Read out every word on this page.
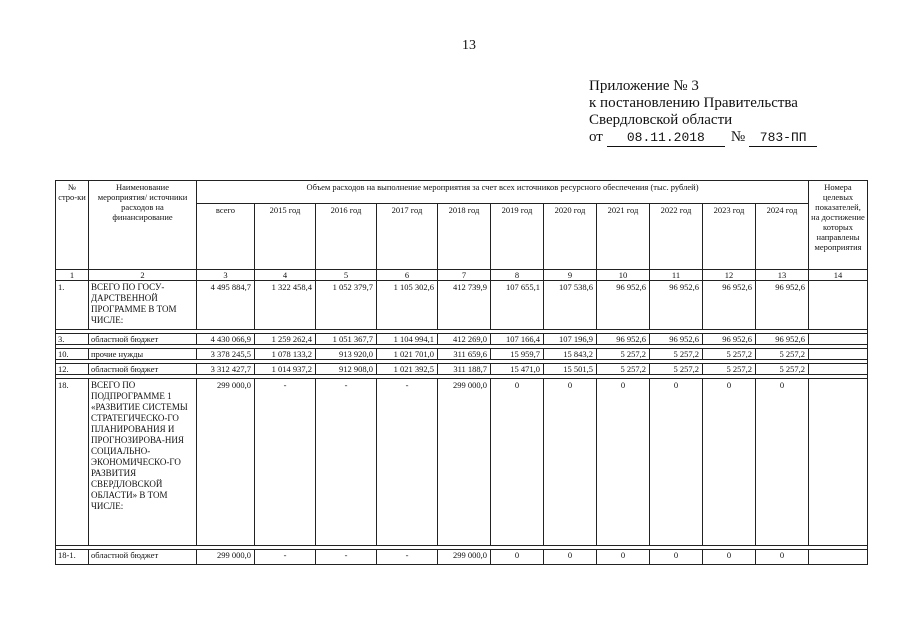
13
Приложение № 3
к постановлению Правительства
Свердловской области
от 08.11.2018 № 783-ПП
№ стро-ки	Наименование мероприятия/ источники расходов на финансирование	Объем расходов на выполнение мероприятия за счет всех источников ресурсного обеспечения (тыс. рублей)											Номера целевых показателей, на достижение которых направлены мероприятия
		всего	2015 год	2016 год	2017 год	2018 год	2019 год	2020 год	2021 год	2022 год	2023 год	2024 год	
1	2	3	4	5	6	7	8	9	10	11	12	13	14
1.	ВСЕГО ПО ГОСУ-ДАРСТВЕННОЙ ПРОГРАММЕ В ТОМ ЧИСЛЕ:	4 495 884,7	1 322 458,4	1 052 379,7	1 105 302,6	412 739,9	107 655,1	107 538,6	96 952,6	96 952,6	96 952,6	96 952,6	

3.	областной бюджет	4 430 066,9	1 259 262,4	1 051 367,7	1 104 994,1	412 269,0	107 166,4	107 196,9	96 952,6	96 952,6	96 952,6	96 952,6	

10.	прочие нужды	3 378 245,5	1 078 133,2	913 920,0	1 021 701,0	311 659,6	15 959,7	15 843,2	5 257,2	5 257,2	5 257,2	5 257,2	

12.	областной бюджет	3 312 427,7	1 014 937,2	912 908,0	1 021 392,5	311 188,7	15 471,0	15 501,5	5 257,2	5 257,2	5 257,2	5 257,2	

18.	ВСЕГО ПО ПОДПРОГРАММЕ 1 «РАЗВИТИЕ СИСТЕМЫ СТРАТЕГИЧЕСКО-ГО ПЛАНИРОВАНИЯ И ПРОГНОЗИРОВА-НИЯ СОЦИАЛЬНО-ЭКОНОМИЧЕСКО-ГО РАЗВИТИЯ СВЕРДЛОВСКОЙ ОБЛАСТИ» В ТОМ ЧИСЛЕ:	299 000,0	-	-	-	299 000,0	0	0	0	0	0	0	

18-1.	областной бюджет	299 000,0	-	-	-	299 000,0	0	0	0	0	0	0	
